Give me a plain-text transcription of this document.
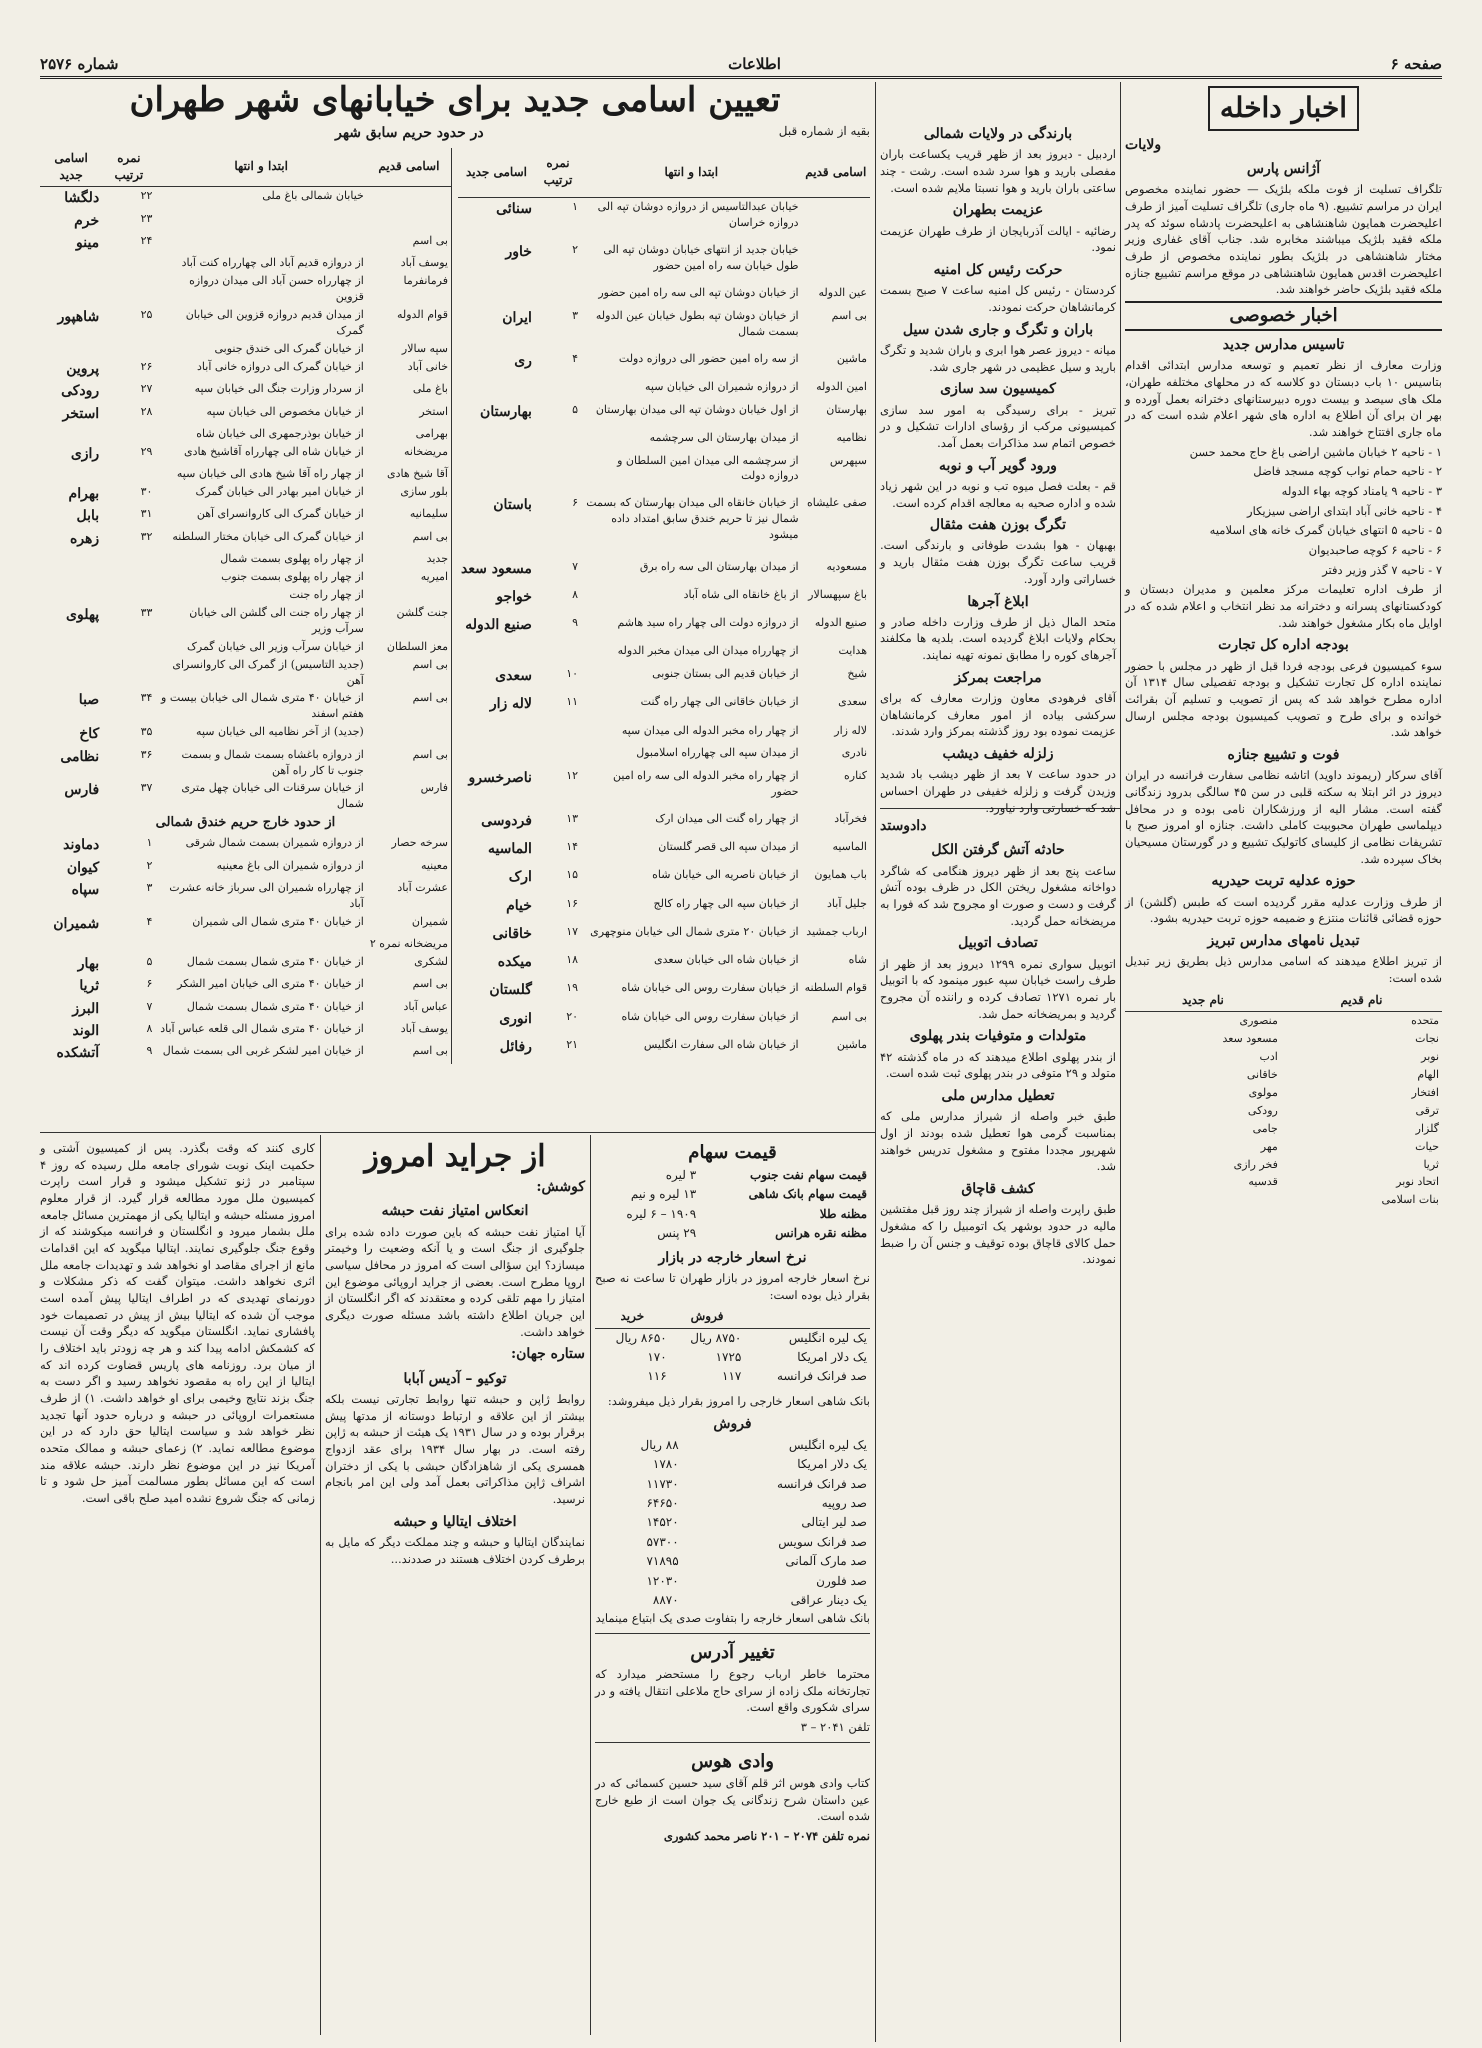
صفحه ۶
اطلاعات
شماره ۲۵۷۶
اخبار داخله
ولایات
آژانس پارس

تلگراف تسلیت از فوت ملکه بلژیک — حضور نماینده مخصوص ایران در مراسم تشییع. (۹ ماه جاری) تلگراف تسلیت آمیز از طرف اعلیحضرت همایون شاهنشاهی به اعلیحضرت پادشاه سوئد که پدر ملکه فقید بلژیک میباشند مخابره شد. جناب آقای غفاری وزیر مختار شاهنشاهی در بلژیک بطور نماینده مخصوص از طرف اعلیحضرت اقدس همایون شاهنشاهی در موقع مراسم تشییع جنازه ملکه فقید بلژیک حاضر خواهند شد.

اخبار خصوصی
تاسیس مدارس جدید

وزارت معارف از نظر تعمیم و توسعه مدارس ابتدائی اقدام بتاسیس ۱۰ باب دبستان دو کلاسه که در محلهای مختلفه طهران، ملک های سیصد و بیست دوره دبیرستانهای دخترانه بعمل آورده و بهر ان برای آن اطلاع به اداره های شهر اعلام شده است که در ماه جاری افتتاح خواهند شد.

۱ - ناحیه ۲ خیابان ماشین اراضی باغ حاج محمد حسن
۲ - ناحیه حمام نواب کوچه مسجد فاضل
۳ - ناحیه ۹ یامناد کوچه بهاء الدوله
۴ - ناحیه خانی آباد ابتدای اراضی سیزیکار
۵ - ناحیه ۵ انتهای خیابان گمرک خانه های اسلامیه
۶ - ناحیه ۶ کوچه صاحبدیوان
۷ - ناحیه ۷ گذر وزیر دفتر

از طرف اداره تعلیمات مرکز معلمین و مدیران دبستان و کودکستانهای پسرانه و دخترانه مد نظر انتخاب و اعلام شده که در اوایل ماه بکار مشغول خواهند شد.

بودجه اداره کل تجارت

سوء کمیسیون فرعی بودجه فردا قبل از ظهر در مجلس با حضور نماینده اداره کل تجارت تشکیل و بودجه تفصیلی سال ۱۳۱۴ آن اداره مطرح خواهد شد که پس از تصویب و تسلیم آن بقرائت خوانده و برای طرح و تصویب کمیسیون بودجه مجلس ارسال خواهد شد.

فوت و تشییع جنازه

آقای سرکار (ریموند داوید) اتاشه نظامی سفارت فرانسه در ایران دیروز در اثر ابتلا به سکته قلبی در سن ۴۵ سالگی بدرود زندگانی گفته است. مشار الیه از ورزشکاران نامی بوده و در محافل دیپلماسی طهران محبوبیت کاملی داشت. جنازه او امروز صبح با تشریفات نظامی از کلیسای کاتولیک تشییع و در گورستان مسیحیان بخاک سپرده شد.

حوزه عدلیه تربت حیدریه

از طرف وزارت عدلیه مقرر گردیده است که طبس (گلشن) از حوزه قضائی قائنات منتزع و ضمیمه حوزه تربت حیدریه بشود.

تبدیل نامهای مدارس تبریز

از تبریز اطلاع میدهند که اسامی مدارس ذیل بطریق زیر تبدیل شده است:

نام قدیم	نام جدید
متحده	منصوری
نجات	مسعود سعد
نوبر	ادب
الهام	خاقانی
افتخار	مولوی
ترقی	رودکی
گلزار	جامی
حیات	مهر
ثریا	فخر رازی
اتحاد نوبر	قدسیه
بنات اسلامی	
بارندگی در ولایات شمالی

اردبیل - دیروز بعد از ظهر قریب یکساعت باران مفصلی بارید و هوا سرد شده است. رشت - چند ساعتی باران بارید و هوا نسبتا ملایم شده است.

عزیمت بطهران

رضائیه - ایالت آذربایجان از طرف طهران عزیمت نمود.

حرکت رئیس کل امنیه

کردستان - رئیس کل امنیه ساعت ۷ صبح بسمت کرمانشاهان حرکت نمودند.

باران و تگرگ و جاری شدن سیل

میانه - دیروز عصر هوا ابری و باران شدید و تگرگ بارید و سیل عظیمی در شهر جاری شد.

کمیسیون سد سازی

تبریز - برای رسیدگی به امور سد سازی کمیسیونی مرکب از رؤسای ادارات تشکیل و در خصوص اتمام سد مذاکرات بعمل آمد.

ورود گویر آب و نوبه

قم - بعلت فصل میوه تب و نوبه در این شهر زیاد شده و اداره صحیه به معالجه اقدام کرده است.

تگرگ بوزن هفت مثقال

بهبهان - هوا بشدت طوفانی و بارندگی است. قریب ساعت تگرگ بوزن هفت مثقال بارید و خساراتی وارد آورد.

ابلاغ آجرها

متحد المال ذیل از طرف وزارت داخله صادر و بحکام ولایات ابلاغ گردیده است. بلدیه ها مکلفند آجرهای کوره را مطابق نمونه تهیه نمایند.

مراجعت بمرکز

آقای فرهودی معاون وزارت معارف که برای سرکشی بیاده از امور معارف کرمانشاهان عزیمت نموده بود روز گذشته بمرکز وارد شدند.

زلزله خفیف دیشب

در حدود ساعت ۷ بعد از ظهر دیشب باد شدید وزیدن گرفت و زلزله خفیفی در طهران احساس شد که خسارتی وارد نیاورد.

دادوستد
حادثه آتش گرفتن الکل

ساعت پنج بعد از ظهر دیروز هنگامی که شاگرد دواخانه مشغول ریختن الکل در ظرف بوده آتش گرفت و دست و صورت او مجروح شد که فورا به مریضخانه حمل گردید.

تصادف اتوبیل

اتوبیل سواری نمره ۱۲۹۹ دیروز بعد از ظهر از طرف راست خیابان سپه عبور مینمود که با اتوبیل بار نمره ۱۲۷۱ تصادف کرده و راننده آن مجروح گردید و بمریضخانه حمل شد.

متولدات و متوفیات بندر پهلوی

از بندر پهلوی اطلاع میدهند که در ماه گذشته ۴۲ متولد و ۲۹ متوفی در بندر پهلوی ثبت شده است.

تعطیل مدارس ملی

طبق خبر واصله از شیراز مدارس ملی که بمناسبت گرمی هوا تعطیل شده بودند از اول شهریور مجددا مفتوح و مشغول تدریس خواهند شد.

کشف قاچاق

طبق راپرت واصله از شیراز چند روز قبل مفتشین مالیه در حدود بوشهر یک اتومبیل را که مشغول حمل کالای قاچاق بوده توقیف و جنس آن را ضبط نمودند.

تعیین اسامی جدید برای خیابانهای شهر طهران
بقیه از شماره قبل
در حدود حریم سابق شهر
اسامی قدیم	ابتدا و انتها	نمره ترتیب	اسامی جدید
	خیابان عبدالتاسیس از دروازه دوشان تپه الی دروازه خراسان	۱	سنائی
	خیابان جدید از انتهای خیابان دوشان تپه الی طول خیابان سه راه امین حضور	۲	خاور
عین الدوله	از خیابان دوشان تپه الی سه راه امین حضور		
بی اسم	از خیابان دوشان تپه بطول خیابان عین الدوله بسمت شمال	۳	ایران
ماشین	از سه راه امین حضور الی دروازه دولت	۴	ری
امین الدوله	از دروازه شمیران الی خیابان سپه		
بهارستان	از اول خیابان دوشان تپه الی میدان بهارستان	۵	بهارستان
نظامیه	از میدان بهارستان الی سرچشمه		
سپهرس	از سرچشمه الی میدان امین السلطان و دروازه دولت		
صفی علیشاه	از خیابان خانقاه الی میدان بهارستان که بسمت شمال نیز تا حریم خندق سابق امتداد داده میشود	۶	باستان
مسعودیه	از میدان بهارستان الی سه راه برق	۷	مسعود سعد
باغ سپهسالار	از باغ خانقاه الی شاه آباد	۸	خواجو
صنیع الدوله	از دروازه دولت الی چهار راه سید هاشم	۹	صنیع الدوله
هدایت	از چهارراه میدان الی میدان مخبر الدوله		
شیخ	از خیابان قدیم الی بستان جنوبی	۱۰	سعدی
سعدی	از خیابان خاقانی الی چهار راه گنت	۱۱	لاله زار
لاله زار	از چهار راه مخبر الدوله الی میدان سپه		
نادری	از میدان سپه الی چهارراه اسلامبول		
کناره	از چهار راه مخبر الدوله الی سه راه امین حضور	۱۲	ناصرخسرو
فخرآباد	از چهار راه گنت الی میدان ارک	۱۳	فردوسی
الماسیه	از میدان سپه الی قصر گلستان	۱۴	الماسیه
باب همایون	از خیابان ناصریه الی خیابان شاه	۱۵	ارک
جلیل آباد	از خیابان سپه الی چهار راه کالج	۱۶	خیام
ارباب جمشید	از خیابان ۲۰ متری شمال الی خیابان منوچهری	۱۷	خاقانی
شاه	از خیابان شاه الی خیابان سعدی	۱۸	میکده
قوام السلطنه	از خیابان سفارت روس الی خیابان شاه	۱۹	گلستان
بی اسم	از خیابان سفارت روس الی خیابان شاه	۲۰	انوری
ماشین	از خیابان شاه الی سفارت انگلیس	۲۱	رفائل
اسامی قدیم	ابتدا و انتها	نمره ترتیب	اسامی جدید
	خیابان شمالی باغ ملی	۲۲	دلگشا
		۲۳	خرم
بی اسم		۲۴	مینو
یوسف آباد	از دروازه قدیم آباد الی چهارراه کنت آباد		
فرمانفرما	از چهارراه حسن آباد الی میدان دروازه قزوین		
قوام الدوله	از میدان قدیم دروازه قزوین الی خیابان گمرک	۲۵	شاهپور
سپه سالار	از خیابان گمرک الی خندق جنوبی		
خانی آباد	از خیابان گمرک الی دروازه خانی آباد	۲۶	پروین
باغ ملی	از سردار وزارت جنگ الی خیابان سپه	۲۷	رودکی
استخر	از خیابان مخصوص الی خیابان سپه	۲۸	استخر
بهرامی	از خیابان بوذرجمهری الی خیابان شاه		
مریضخانه	از خیابان شاه الی چهارراه آقاشیخ هادی	۲۹	رازی
آقا شیخ هادی	از چهار راه آقا شیخ هادی الی خیابان سپه		
بلور سازی	از خیابان امیر بهادر الی خیابان گمرک	۳۰	بهرام
سلیمانیه	از خیابان گمرک الی کاروانسرای آهن	۳۱	بابل
بی اسم	از خیابان گمرک الی خیابان مختار السلطنه	۳۲	زهره
جدید	از چهار راه پهلوی بسمت شمال		
امیریه	از چهار راه پهلوی بسمت جنوب		
	از چهار راه جنت		
جنت گلشن	از چهار راه جنت الی گلشن الی خیابان سرآب وزیر	۳۳	پهلوی
معز السلطان	از خیابان سرآب وزیر الی خیابان گمرک		
بی اسم	(جدید التاسیس) از گمرک الی کاروانسرای آهن		
بی اسم	از خیابان ۴۰ متری شمال الی خیابان بیست و هفتم اسفند	۳۴	صبا
	(جدید) از آخر نظامیه الی خیابان سپه	۳۵	کاخ
بی اسم	از دروازه باغشاه بسمت شمال و بسمت جنوب تا کار راه آهن	۳۶	نظامی
فارس	از خیابان سرقنات الی خیابان چهل متری شمال	۳۷	فارس
از حدود خارج حریم خندق شمالی			
سرخه حصار	از دروازه شمیران بسمت شمال شرقی	۱	دماوند
معینیه	از دروازه شمیران الی باغ معینیه	۲	کیوان
عشرت آباد	از چهارراه شمیران الی سرباز خانه عشرت آباد	۳	سپاه
شمیران	از خیابان ۴۰ متری شمال الی شمیران	۴	شمیران
مریضخانه نمره ۲			
لشکری	از خیابان ۴۰ متری شمال بسمت شمال	۵	بهار
بی اسم	از خیابان ۴۰ متری الی خیابان امیر الشکر	۶	ثریا
عباس آباد	از خیابان ۴۰ متری شمال بسمت شمال	۷	البرز
یوسف آباد	از خیابان ۴۰ متری شمال الی قلعه عباس آباد	۸	الوند
بی اسم	از خیابان امیر لشکر غربی الی بسمت شمال	۹	آتشکده
قیمت سهام
قیمت سهام نفت جنوب	۳ لیره
قیمت سهام بانک شاهی	۱۳ لیره و نیم
مظنه طلا	۱۹۰۹ – ۶ لیره
مظنه نقره هرانس	۲۹ پنس
نرخ اسعار خارجه در بازار

نرخ اسعار خارجه امروز در بازار طهران تا ساعت نه صبح بقرار ذیل بوده است:

	فروش	خرید
یک لیره انگلیس	۸۷۵۰ ریال	۸۶۵۰ ریال
یک دلار امریکا	۱۷۲۵	۱۷۰
صد فرانک فرانسه	۱۱۷	۱۱۶

بانک شاهی اسعار خارجی را امروز بقرار ذیل میفروشد:

فروش
یک لیره انگلیس	۸۸ ریال
یک دلار امریکا	۱۷۸۰
صد فرانک فرانسه	۱۱۷۳۰
صد روپیه	۶۴۶۵۰
صد لیر ایتالی	۱۴۵۲۰
صد فرانک سویس	۵۷۳۰۰
صد مارک آلمانی	۷۱۸۹۵
صد فلورن	۱۲۰۳۰
یک دینار عراقی	۸۸۷۰

بانک شاهی اسعار خارجه را بتفاوت صدی یک ابتیاع مینماید

تغییر آدرس

محترما خاطر ارباب رجوع را مستحضر میدارد که تجارتخانه ملک زاده از سرای حاج ملاعلی انتقال یافته و در سرای شکوری واقع است.

تلفن ۲۰۴۱ – ۳

وادی هوس

کتاب وادی هوس اثر قلم آقای سید حسین کسمائی که در عین داستان شرح زندگانی یک جوان است از طبع خارج شده است.

نمره تلفن ۲۰۷۴ – ۲۰۱ ناصر محمد کشوری

از جراید امروز
کوشش:
انعکاس امتیاز نفت حبشه

آیا امتیاز نفت حبشه که باین صورت داده شده برای جلوگیری از جنگ است و یا آنکه وضعیت را وخیمتر میسازد؟ این سؤالی است که امروز در محافل سیاسی اروپا مطرح است. بعضی از جراید اروپائی موضوع این امتیاز را مهم تلقی کرده و معتقدند که اگر انگلستان از این جریان اطلاع داشته باشد مسئله صورت دیگری خواهد داشت.

ستاره جهان:
توکیو – آدیس آبابا

روابط ژاپن و حبشه تنها روابط تجارتی نیست بلکه بیشتر از این علاقه و ارتباط دوستانه از مدتها پیش برقرار بوده و در سال ۱۹۳۱ یک هیئت از حبشه به ژاپن رفته است. در بهار سال ۱۹۳۴ برای عقد ازدواج همسری یکی از شاهزادگان حبشی با یکی از دختران اشراف ژاپن مذاکراتی بعمل آمد ولی این امر بانجام نرسید.

اختلاف ایتالیا و حبشه

نمایندگان ایتالیا و حبشه و چند مملکت دیگر که مایل به برطرف کردن اختلاف هستند در صددند...

کاری کنند که وقت بگذرد. پس از کمیسیون آشتی و حکمیت اینک نوبت شورای جامعه ملل رسیده که روز ۴ سپتامبر در ژنو تشکیل میشود و قرار است راپرت کمیسیون ملل مورد مطالعه قرار گیرد. از قرار معلوم امروز مسئله حبشه و ایتالیا یکی از مهمترین مسائل جامعه ملل بشمار میرود و انگلستان و فرانسه میکوشند که از وقوع جنگ جلوگیری نمایند. ایتالیا میگوید که این اقدامات مانع از اجرای مقاصد او نخواهد شد و تهدیدات جامعه ملل اثری نخواهد داشت. میتوان گفت که ذکر مشکلات و دورنمای تهدیدی که در اطراف ایتالیا پیش آمده است موجب آن شده که ایتالیا بیش از پیش در تصمیمات خود پافشاری نماید. انگلستان میگوید که دیگر وقت آن نیست که کشمکش ادامه پیدا کند و هر چه زودتر باید اختلاف را از میان برد. روزنامه های پاریس قضاوت کرده اند که ایتالیا از این راه به مقصود نخواهد رسید و اگر دست به جنگ بزند نتایج وخیمی برای او خواهد داشت. ۱) از طرف مستعمرات اروپائی در حبشه و درباره حدود آنها تجدید نظر خواهد شد و سیاست ایتالیا حق دارد که در این موضوع مطالعه نماید. ۲) زعمای حبشه و ممالک متحده آمریکا نیز در این موضوع نظر دارند. حبشه علاقه مند است که این مسائل بطور مسالمت آمیز حل شود و تا زمانی که جنگ شروع نشده امید صلح باقی است.
